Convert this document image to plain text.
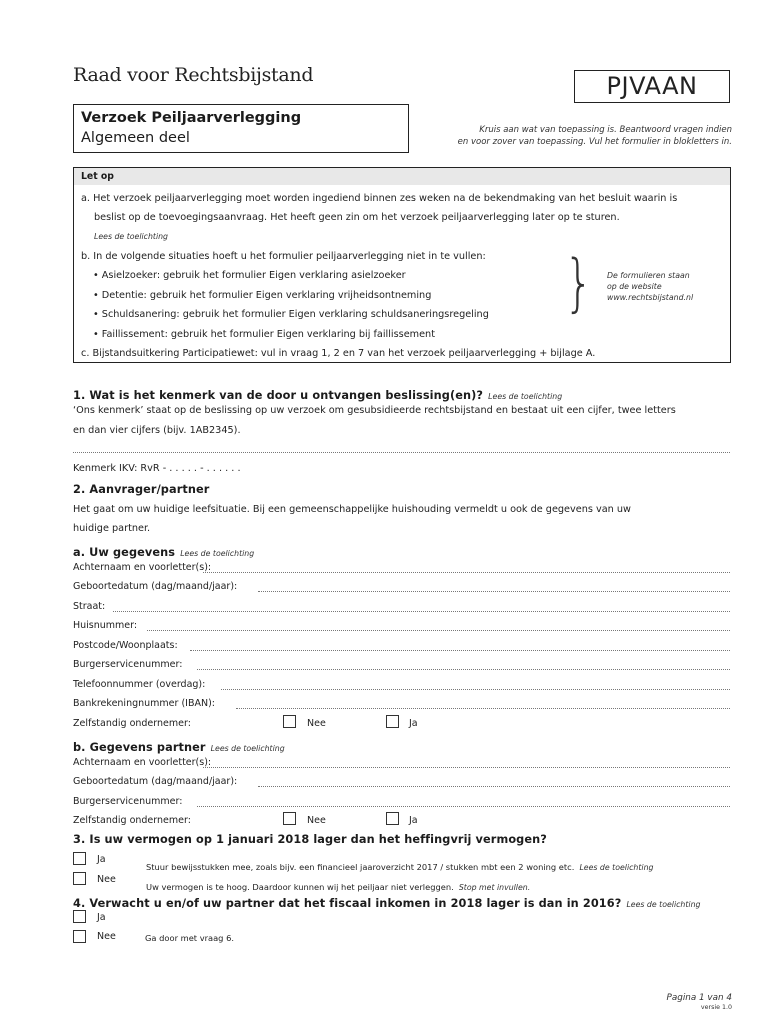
Raad voor Rechtsbijstand	PJVAAN
Verzoek Peiljaarverlegging
Algemeen deel	Kruis aan wat van toepassing is. Beantwoord vragen indien
en voor zover van toepassing. Vul het formulier in blokletters in.
Let op
a. Het verzoek peiljaarverlegging moet worden ingediend binnen zes weken na de bekendmaking van het besluit waarin is
beslist op de toevoegingsaanvraag. Het heeft geen zin om het verzoek peiljaarverlegging later op te sturen.
Lees de toelichting
b. In de volgende situaties hoeft u het formulier peiljaarverlegging niet in te vullen:
• Asielzoeker: gebruik het formulier Eigen verklaring asielzoeker
• Detentie: gebruik het formulier Eigen verklaring vrijheidsontneming
• Schuldsanering: gebruik het formulier Eigen verklaring schuldsaneringsregeling
• Faillissement: gebruik het formulier Eigen verklaring bij faillissement
} De formulieren staan
op de website
www.rechtsbijstand.nl
c. Bijstandsuitkering Participatiewet: vul in vraag 1, 2 en 7 van het verzoek peiljaarverlegging + bijlage A.
1. Wat is het kenmerk van de door u ontvangen beslissing(en)? Lees de toelichting
‘Ons kenmerk’ staat op de beslissing op uw verzoek om gesubsidieerde rechtsbijstand en bestaat uit een cijfer, twee letters
en dan vier cijfers (bijv. 1AB2345).
Kenmerk IKV: RvR - . . . . . - . . . . . .
2. Aanvrager/partner
Het gaat om uw huidige leefsituatie. Bij een gemeenschappelijke huishouding vermeldt u ook de gegevens van uw
huidige partner.
a. Uw gegevens Lees de toelichting
Achternaam en voorletter(s):
Geboortedatum (dag/maand/jaar):
Straat:
Huisnummer:
Postcode/Woonplaats:
Burgerservicenummer:
Telefoonnummer (overdag):
Bankrekeningnummer (IBAN):
Zelfstandig ondernemer:	Nee	Ja
b. Gegevens partner Lees de toelichting
Achternaam en voorletter(s):
Geboortedatum (dag/maand/jaar):
Burgerservicenummer:
Zelfstandig ondernemer:	Nee	Ja
3. Is uw vermogen op 1 januari 2018 lager dan het heffingvrij vermogen?
Ja
Stuur bewijsstukken mee, zoals bijv. een financieel jaaroverzicht 2017 / stukken mbt een 2 woning etc. Lees de toelichting
Nee
Uw vermogen is te hoog. Daardoor kunnen wij het peiljaar niet verleggen. Stop met invullen.
4. Verwacht u en/of uw partner dat het fiscaal inkomen in 2018 lager is dan in 2016? Lees de toelichting
Ja
Nee	Ga door met vraag 6.
Pagina 1 van 4
versie 1.0
